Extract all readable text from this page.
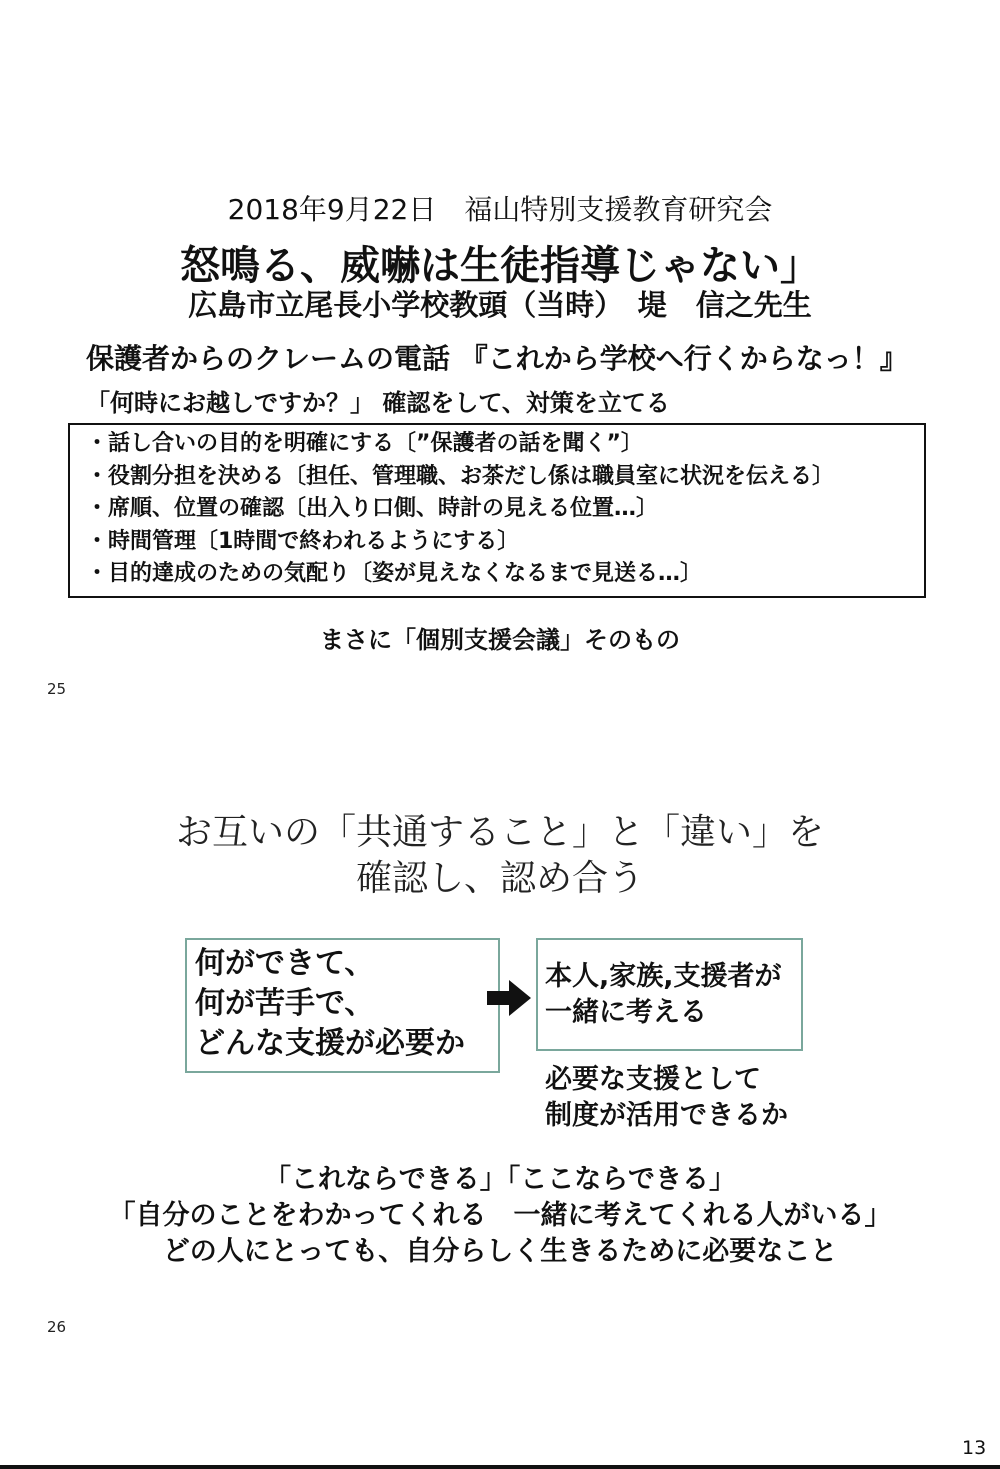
2018年9月22日　福山特別支援教育研究会
怒鳴る、威嚇は生徒指導じゃない」
広島市立尾長小学校教頭（当時）　堤　信之先生
保護者からのクレームの電話 『これから学校へ行くからなっ！』
「何時にお越しですか？」 確認をして、対策を立てる
・話し合いの目的を明確にする〔”保護者の話を聞く”〕
・役割分担を決める〔担任、管理職、お茶だし係は職員室に状況を伝える〕
・席順、位置の確認〔出入り口側、時計の見える位置…〕
・時間管理〔1時間で終われるようにする〕
・目的達成のための気配り〔姿が見えなくなるまで見送る…〕
まさに「個別支援会議」そのもの
25
お互いの「共通すること」と「違い」を
確認し、認め合う
何ができて、
何が苦手で、
どんな支援が必要か
本人,家族,支援者が
一緒に考える
必要な支援として
制度が活用できるか
「これならできる」「ここならできる」
「自分のことをわかってくれる　一緒に考えてくれる人がいる」
どの人にとっても、自分らしく生きるために必要なこと
26
13
